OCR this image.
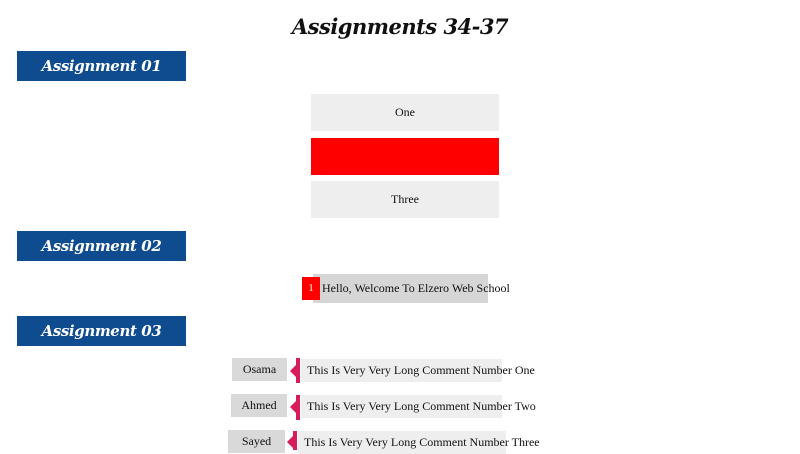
Assignments 34-37
Assignment 01
One
Three
Assignment 02
1 Hello, Welcome To Elzero Web School
Assignment 03
Osama	This Is Very Very Long Comment Number One
Ahmed	This Is Very Very Long Comment Number Two
Sayed	This Is Very Very Long Comment Number Three
